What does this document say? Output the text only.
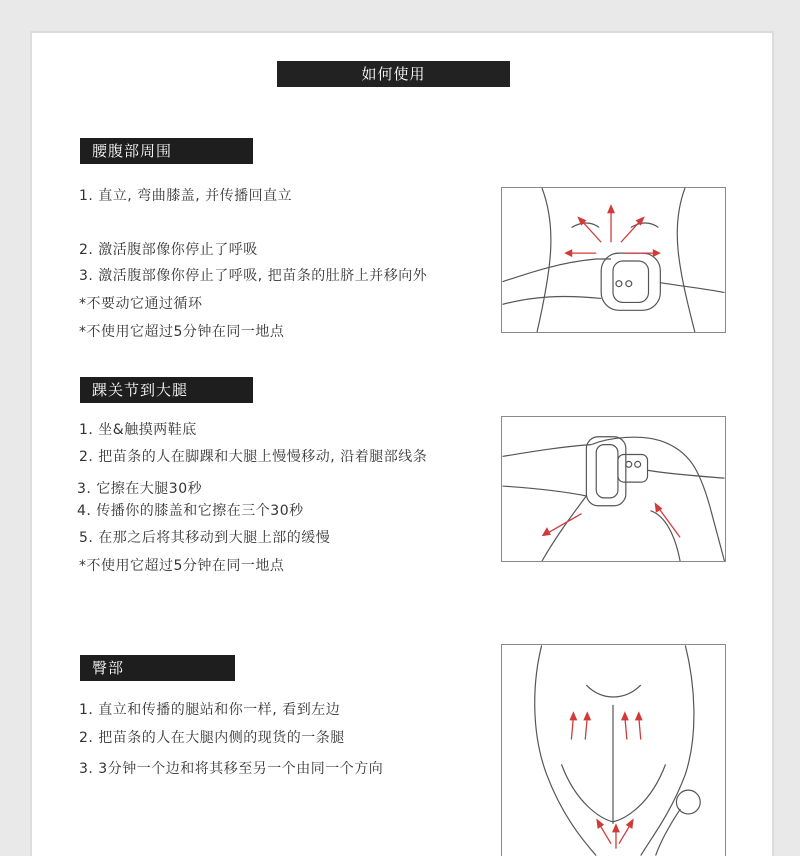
如何使用
腰腹部周围
1. 直立, 弯曲膝盖, 并传播回直立
2. 激活腹部像你停止了呼吸
3. 激活腹部像你停止了呼吸, 把苗条的肚脐上并移向外
*不要动它通过循环
*不使用它超过5分钟在同一地点
踝关节到大腿
1. 坐&触摸两鞋底
2. 把苗条的人在脚踝和大腿上慢慢移动, 沿着腿部线条
3. 它擦在大腿30秒
4. 传播你的膝盖和它擦在三个30秒
5. 在那之后将其移动到大腿上部的缓慢
*不使用它超过5分钟在同一地点
臀部
1. 直立和传播的腿站和你一样, 看到左边
2. 把苗条的人在大腿内侧的现货的一条腿
3. 3分钟一个边和将其移至另一个由同一个方向
